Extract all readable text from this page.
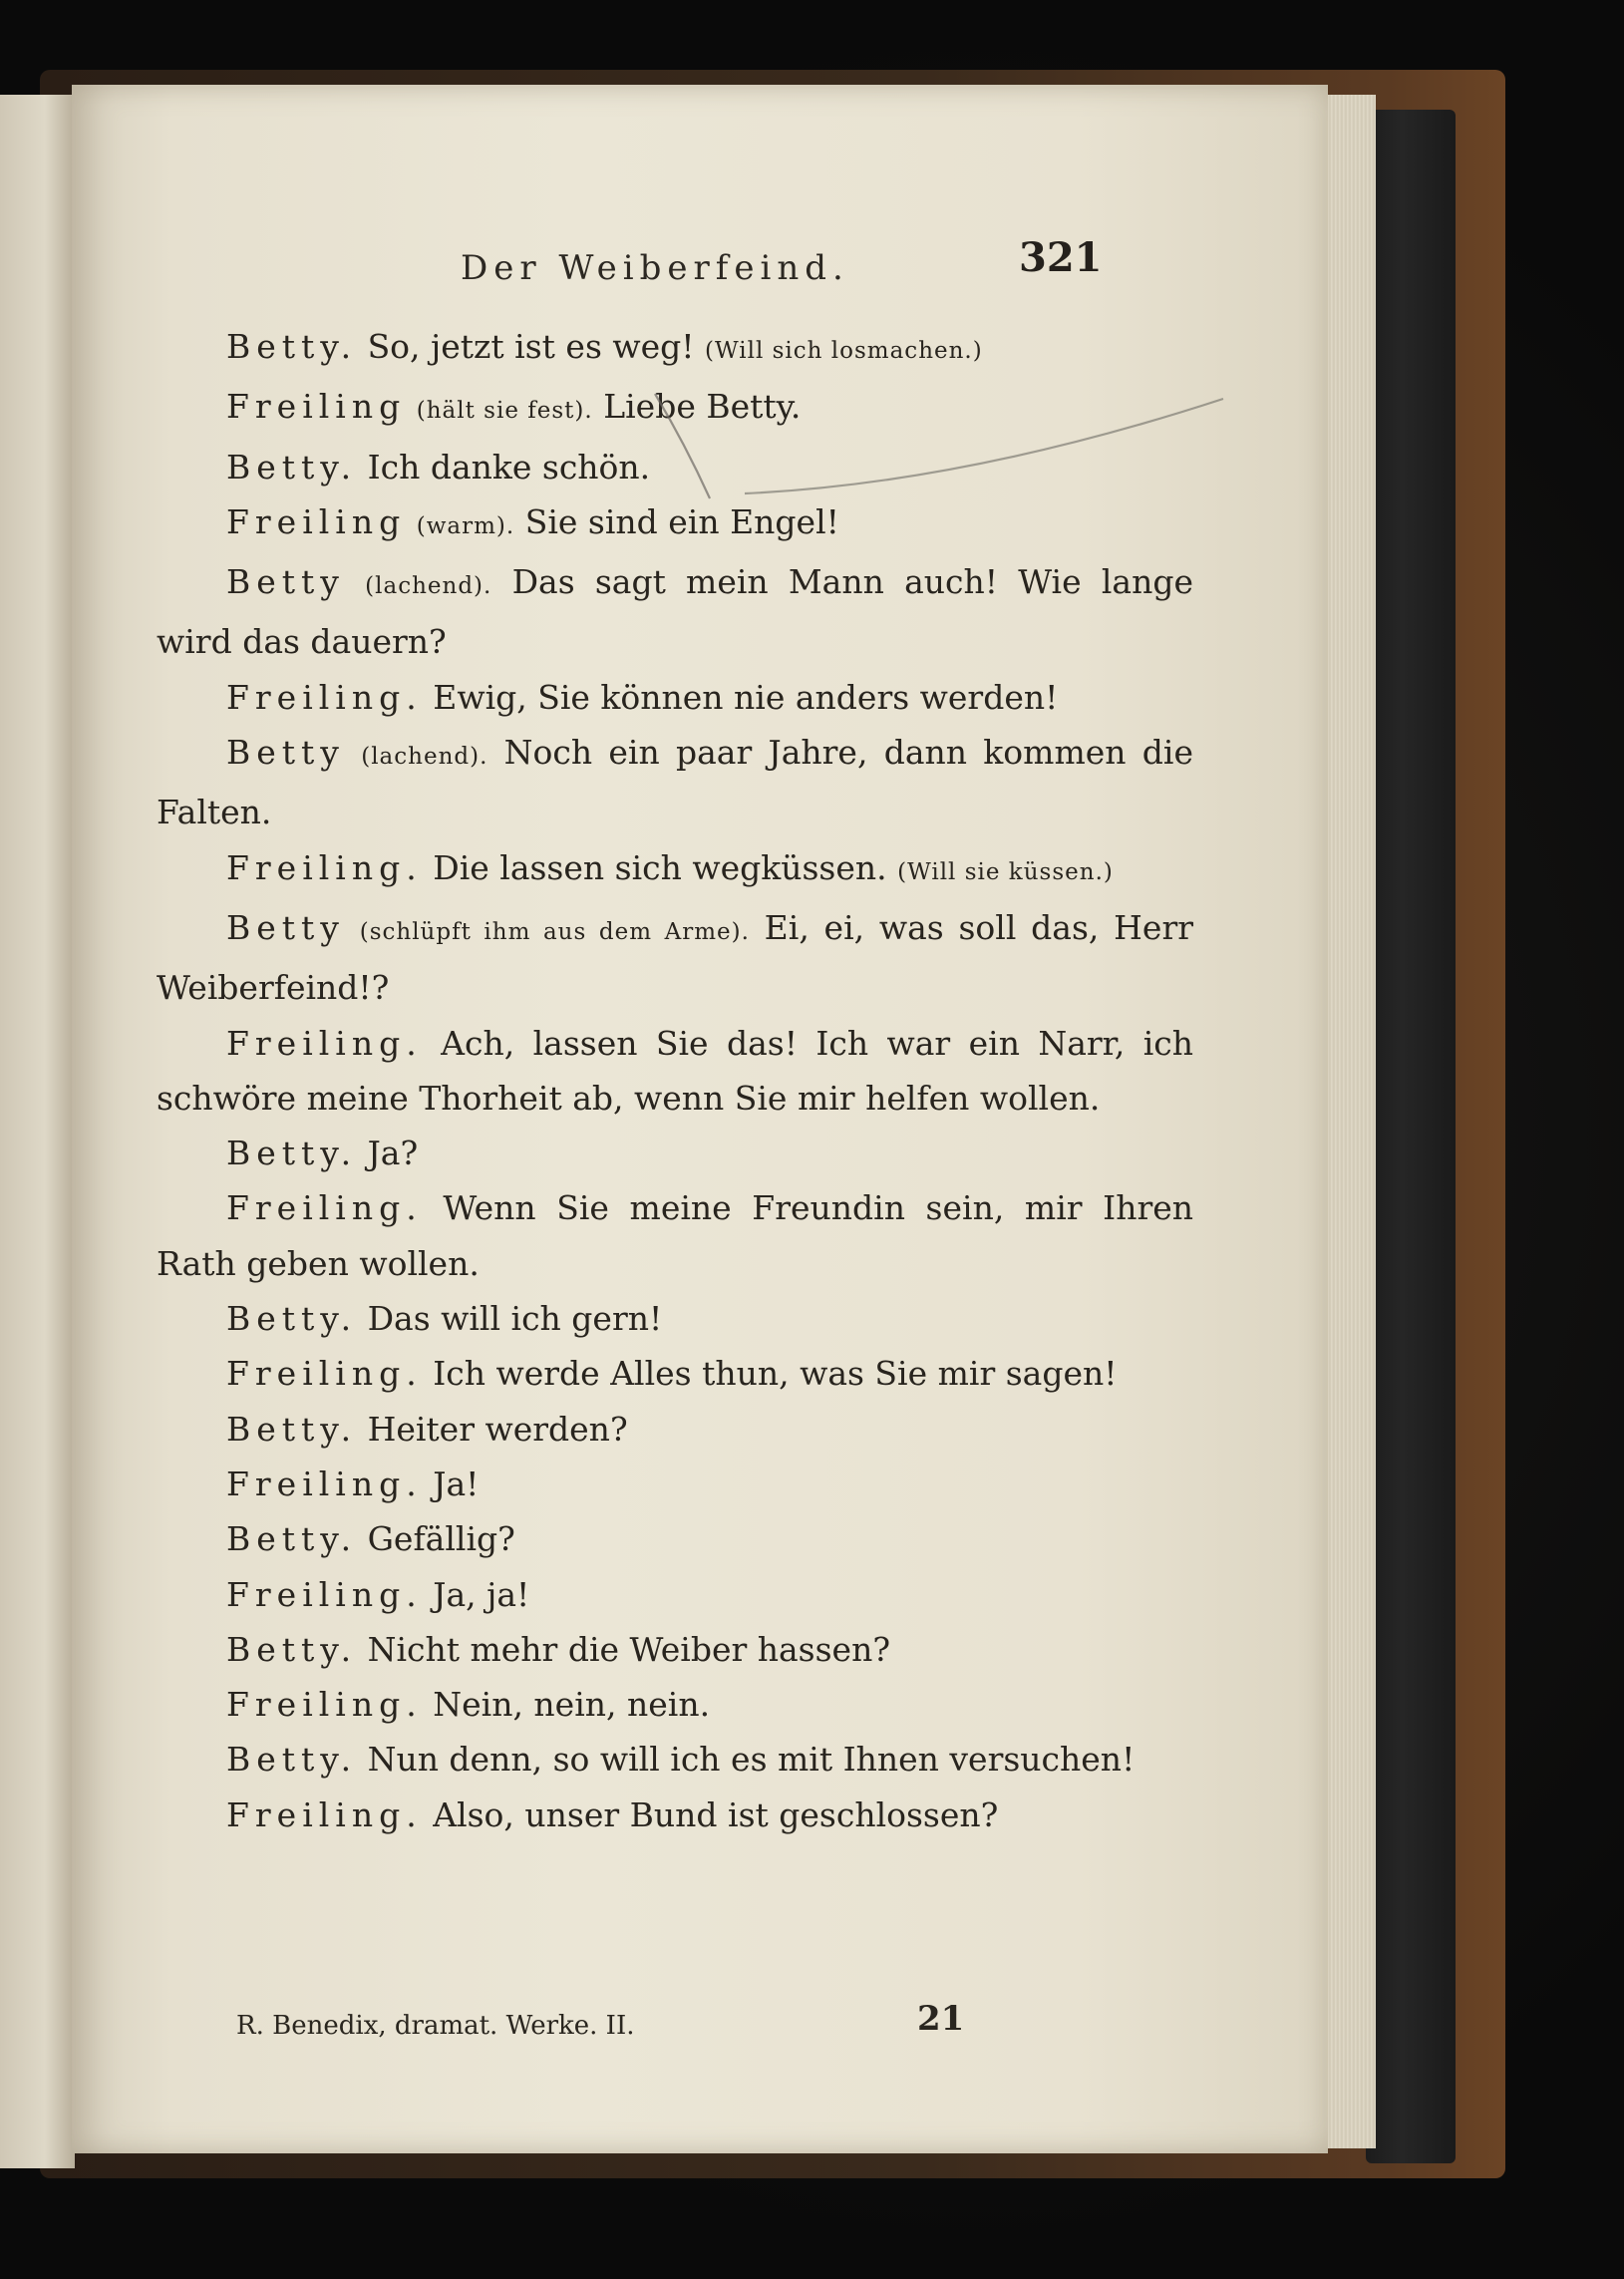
Der Weiberfeind.	321

Betty. So, jetzt ist es weg! (Will sich losmachen.)

Freiling (hält sie fest). Liebe Betty.

Betty. Ich danke schön.

Freiling (warm). Sie sind ein Engel!

Betty (lachend). Das sagt mein Mann auch! Wie lange wird das dauern?

Freiling. Ewig, Sie können nie anders werden!

Betty (lachend). Noch ein paar Jahre, dann kommen die Falten.

Freiling. Die lassen sich wegküssen. (Will sie küssen.)

Betty (schlüpft ihm aus dem Arme). Ei, ei, was soll das, Herr Weiberfeind!?

Freiling. Ach, lassen Sie das! Ich war ein Narr, ich schwöre meine Thorheit ab, wenn Sie mir helfen wollen.

Betty. Ja?

Freiling. Wenn Sie meine Freundin sein, mir Ihren Rath geben wollen.

Betty. Das will ich gern!

Freiling. Ich werde Alles thun, was Sie mir sagen!

Betty. Heiter werden?

Freiling. Ja!

Betty. Gefällig?

Freiling. Ja, ja!

Betty. Nicht mehr die Weiber hassen?

Freiling. Nein, nein, nein.

Betty. Nun denn, so will ich es mit Ihnen versuchen!

Freiling. Also, unser Bund ist geschlossen?

R. Benedix, dramat. Werke. II.	21
